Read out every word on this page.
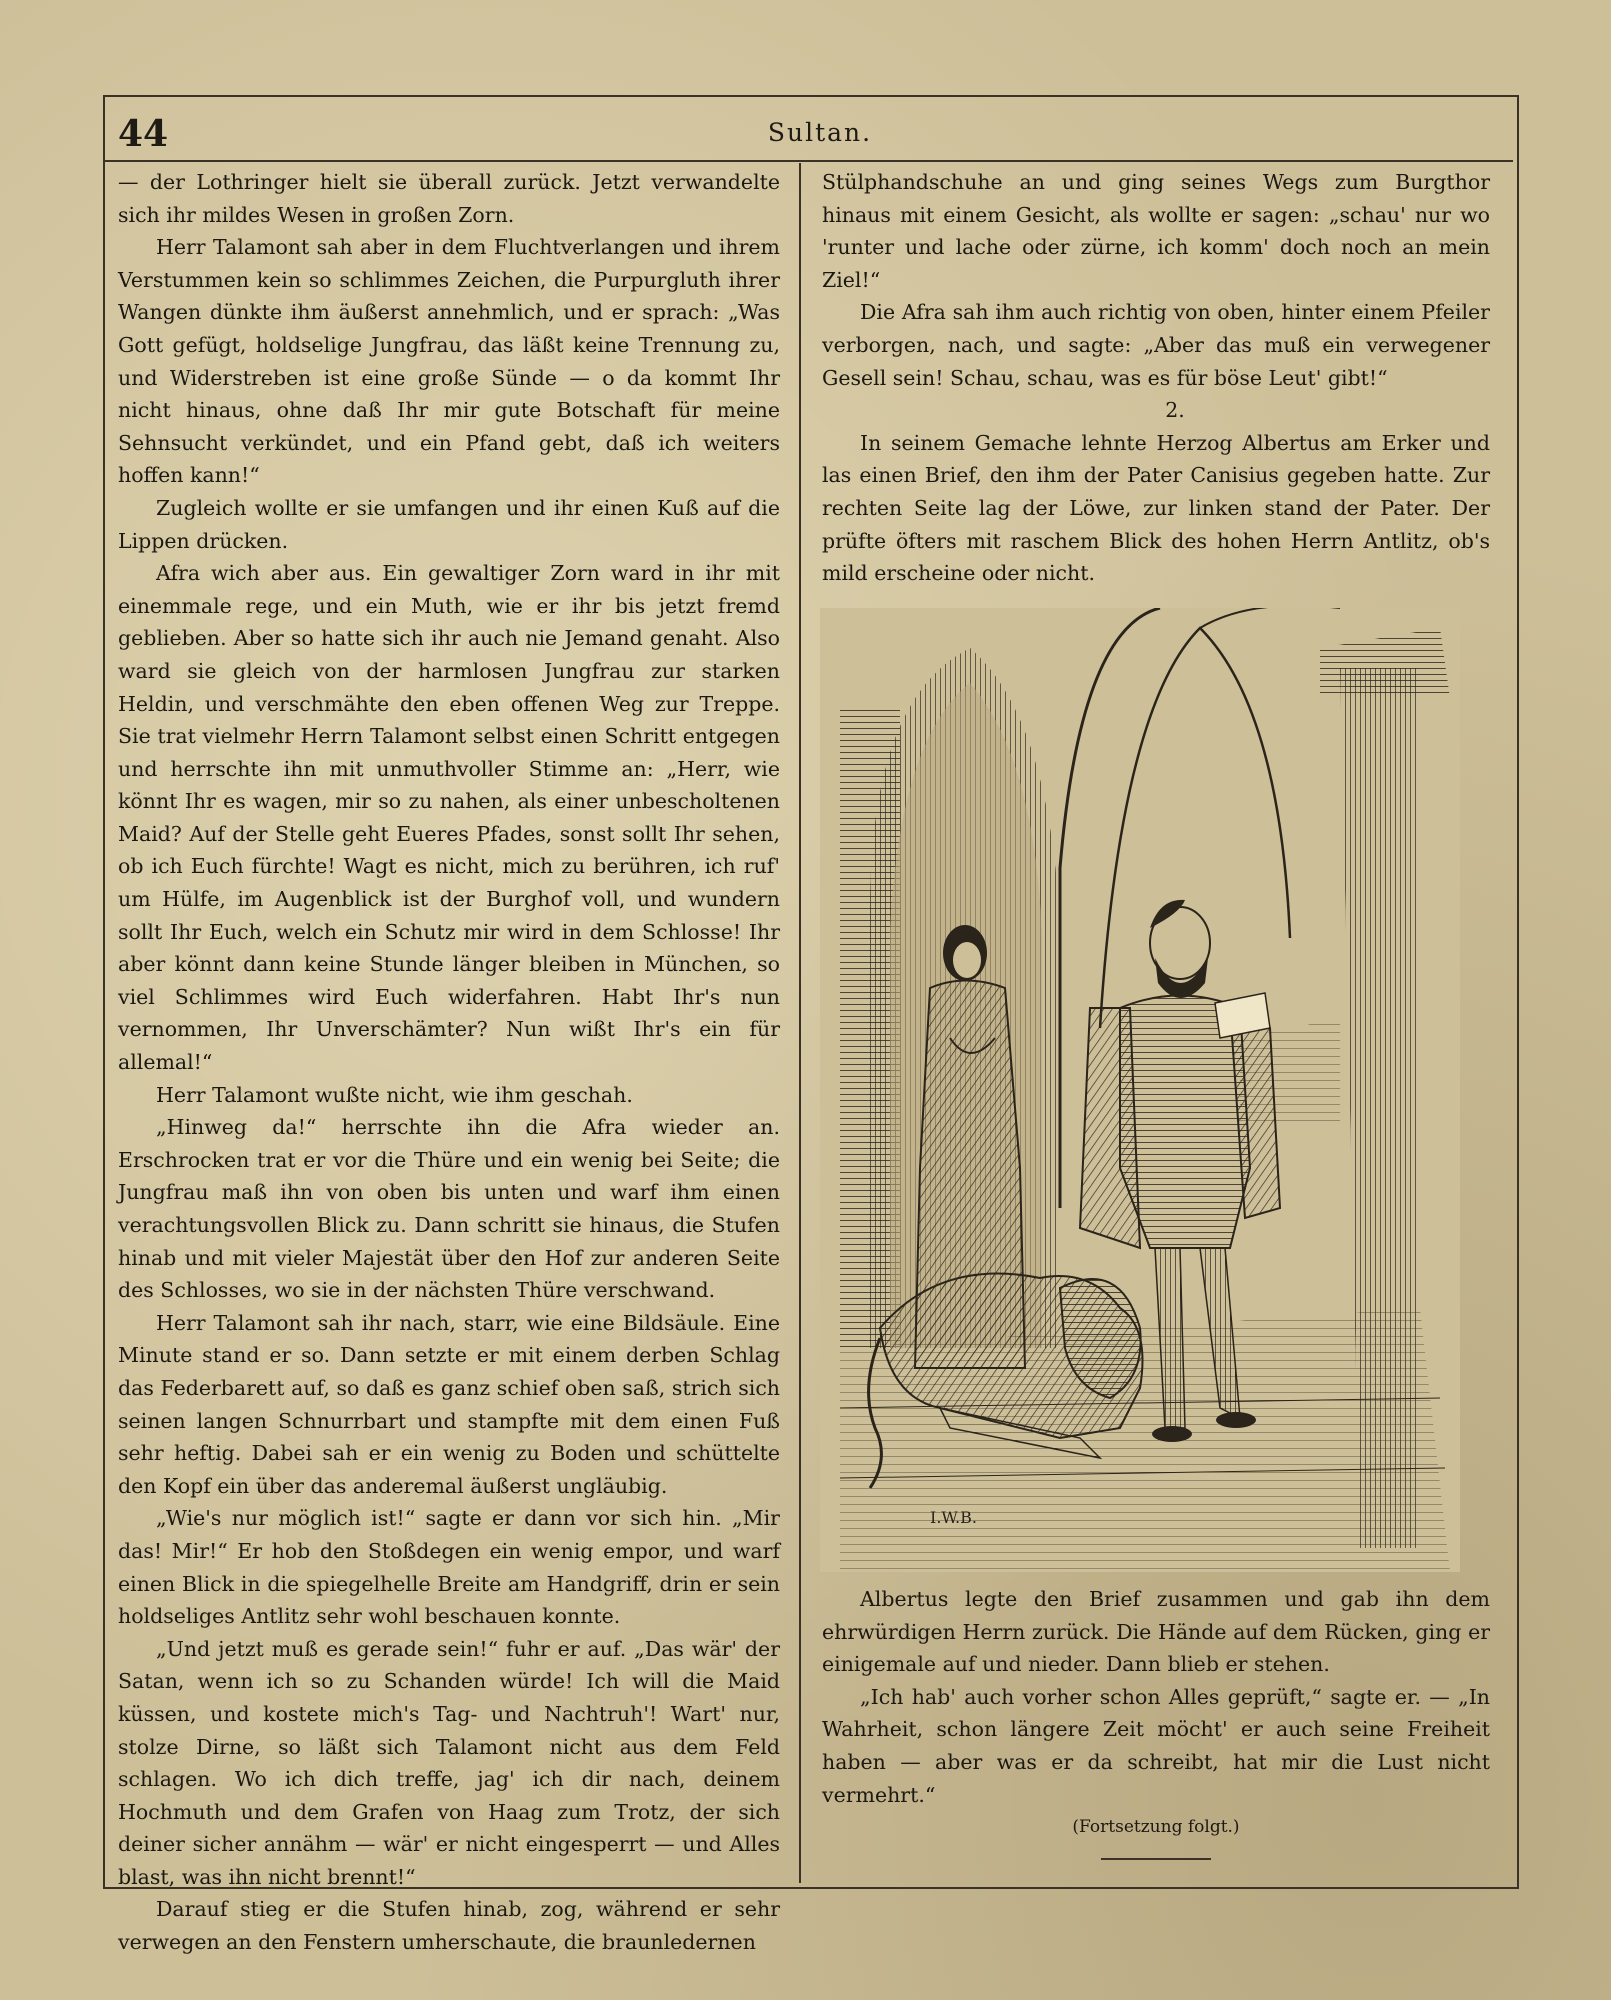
44	Sultan.

— der Lothringer hielt sie überall zurück. Jetzt verwandelte sich ihr mildes Wesen in großen Zorn.

Herr Talamont sah aber in dem Fluchtverlangen und ihrem Verstummen kein so schlimmes Zeichen, die Purpurgluth ihrer Wangen dünkte ihm äußerst annehmlich, und er sprach: „Was Gott gefügt, holdselige Jungfrau, das läßt keine Trennung zu, und Widerstreben ist eine große Sünde — o da kommt Ihr nicht hinaus, ohne daß Ihr mir gute Botschaft für meine Sehnsucht verkündet, und ein Pfand gebt, daß ich weiters hoffen kann!“

Zugleich wollte er sie umfangen und ihr einen Kuß auf die Lippen drücken.

Afra wich aber aus. Ein gewaltiger Zorn ward in ihr mit einemmale rege, und ein Muth, wie er ihr bis jetzt fremd geblieben. Aber so hatte sich ihr auch nie Jemand genaht. Also ward sie gleich von der harmlosen Jungfrau zur starken Heldin, und verschmähte den eben offenen Weg zur Treppe. Sie trat vielmehr Herrn Talamont selbst einen Schritt entgegen und herrschte ihn mit unmuthvoller Stimme an: „Herr, wie könnt Ihr es wagen, mir so zu nahen, als einer unbescholtenen Maid? Auf der Stelle geht Eueres Pfades, sonst sollt Ihr sehen, ob ich Euch fürchte! Wagt es nicht, mich zu berühren, ich ruf' um Hülfe, im Augenblick ist der Burghof voll, und wundern sollt Ihr Euch, welch ein Schutz mir wird in dem Schlosse! Ihr aber könnt dann keine Stunde länger bleiben in München, so viel Schlimmes wird Euch widerfahren. Habt Ihr's nun vernommen, Ihr Unverschämter? Nun wißt Ihr's ein für allemal!“

Herr Talamont wußte nicht, wie ihm geschah.

„Hinweg da!“ herrschte ihn die Afra wieder an. Erschrocken trat er vor die Thüre und ein wenig bei Seite; die Jungfrau maß ihn von oben bis unten und warf ihm einen verachtungsvollen Blick zu. Dann schritt sie hinaus, die Stufen hinab und mit vieler Majestät über den Hof zur anderen Seite des Schlosses, wo sie in der nächsten Thüre verschwand.

Herr Talamont sah ihr nach, starr, wie eine Bildsäule. Eine Minute stand er so. Dann setzte er mit einem derben Schlag das Federbarett auf, so daß es ganz schief oben saß, strich sich seinen langen Schnurrbart und stampfte mit dem einen Fuß sehr heftig. Dabei sah er ein wenig zu Boden und schüttelte den Kopf ein über das anderemal äußerst ungläubig.

„Wie's nur möglich ist!“ sagte er dann vor sich hin. „Mir das! Mir!“ Er hob den Stoßdegen ein wenig empor, und warf einen Blick in die spiegelhelle Breite am Handgriff, drin er sein holdseliges Antlitz sehr wohl beschauen konnte.

„Und jetzt muß es gerade sein!“ fuhr er auf. „Das wär' der Satan, wenn ich so zu Schanden würde! Ich will die Maid küssen, und kostete mich's Tag- und Nachtruh'! Wart' nur, stolze Dirne, so läßt sich Talamont nicht aus dem Feld schlagen. Wo ich dich treffe, jag' ich dir nach, deinem Hochmuth und dem Grafen von Haag zum Trotz, der sich deiner sicher annähm — wär' er nicht eingesperrt — und Alles blast, was ihn nicht brennt!“

Darauf stieg er die Stufen hinab, zog, während er sehr verwegen an den Fenstern umherschaute, die braunledernen

Stülphandschuhe an und ging seines Wegs zum Burgthor hinaus mit einem Gesicht, als wollte er sagen: „schau' nur wo 'runter und lache oder zürne, ich komm' doch noch an mein Ziel!“

Die Afra sah ihm auch richtig von oben, hinter einem Pfeiler verborgen, nach, und sagte: „Aber das muß ein verwegener Gesell sein! Schau, schau, was es für böse Leut' gibt!“

2.

In seinem Gemache lehnte Herzog Albertus am Erker und las einen Brief, den ihm der Pater Canisius gegeben hatte. Zur rechten Seite lag der Löwe, zur linken stand der Pater. Der prüfte öfters mit raschem Blick des hohen Herrn Antlitz, ob's mild erscheine oder nicht.

I.W.B.

Albertus legte den Brief zusammen und gab ihn dem ehrwürdigen Herrn zurück. Die Hände auf dem Rücken, ging er einigemale auf und nieder. Dann blieb er stehen.

„Ich hab' auch vorher schon Alles geprüft,“ sagte er. — „In Wahrheit, schon längere Zeit möcht' er auch seine Freiheit haben — aber was er da schreibt, hat mir die Lust nicht vermehrt.“

(Fortsetzung folgt.)
